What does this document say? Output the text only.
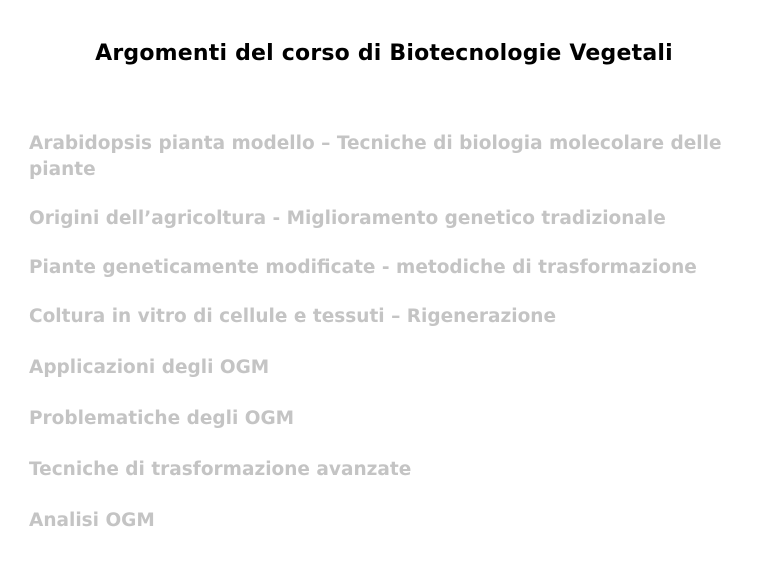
Argomenti del corso di Biotecnologie Vegetali
Arabidopsis pianta modello – Tecniche di biologia molecolare delle piante
Origini dell’agricoltura - Miglioramento genetico tradizionale
Piante geneticamente modificate - metodiche di trasformazione
Coltura in vitro di cellule e tessuti – Rigenerazione
Applicazioni degli OGM
Problematiche degli OGM
Tecniche di trasformazione avanzate
Analisi OGM
